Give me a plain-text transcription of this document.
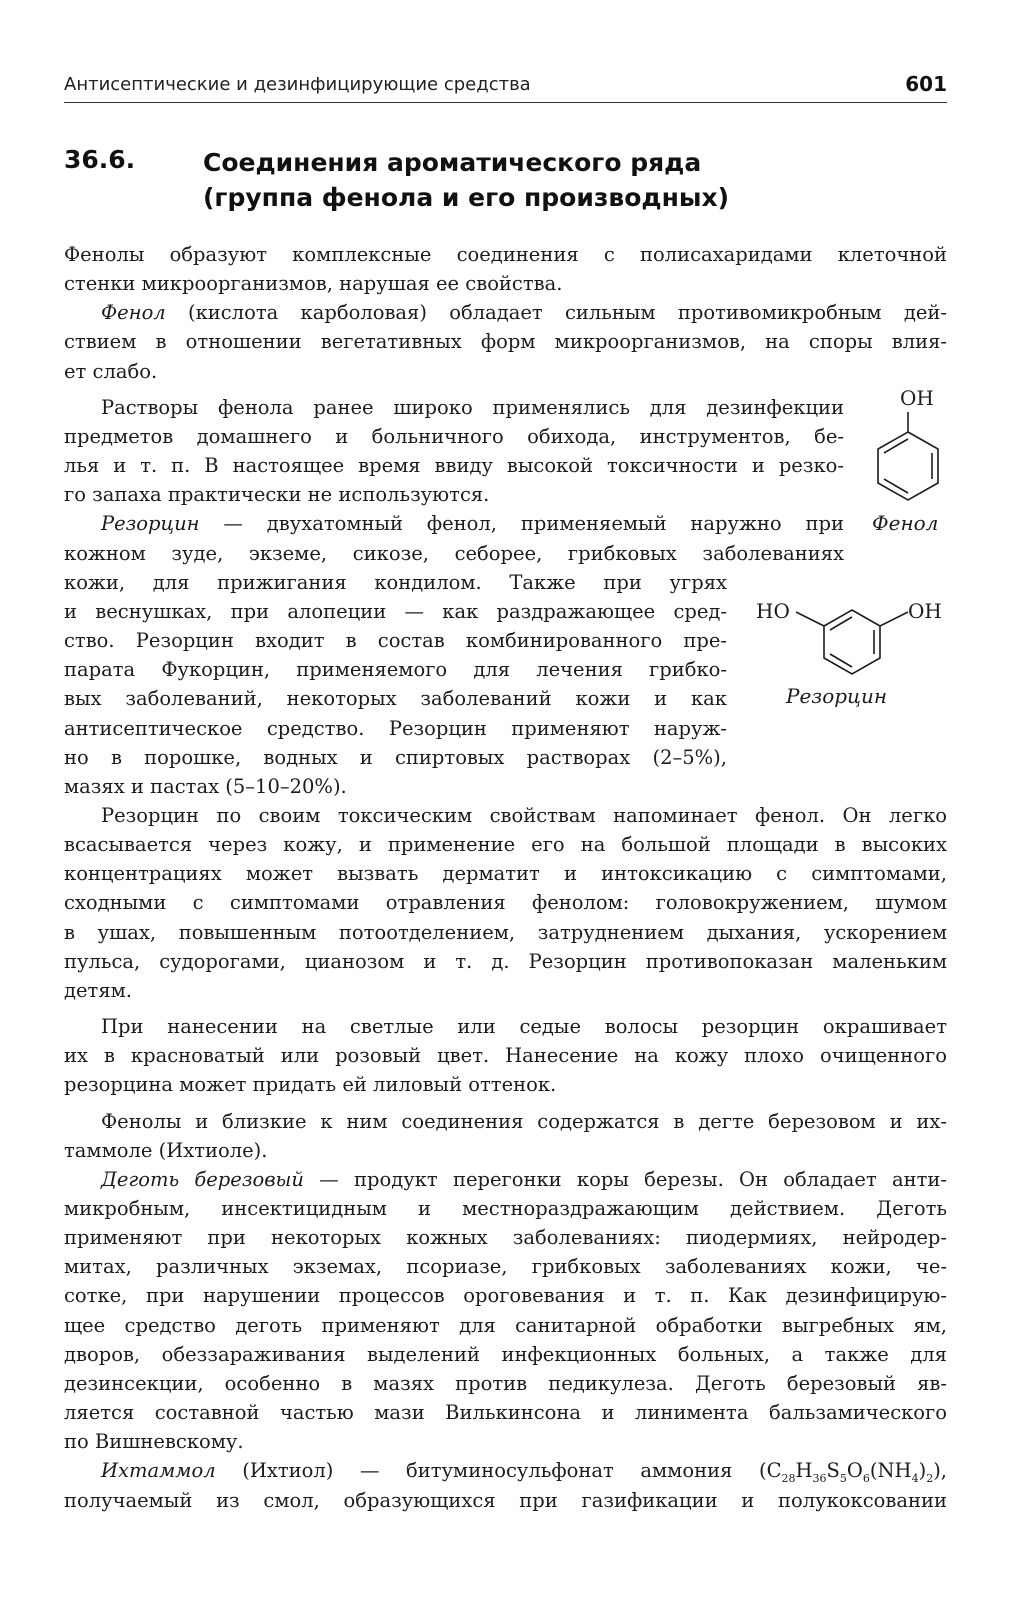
Антисептические и дезинфицирующие средства	601
36.6.	Соединения ароматического ряда
(группа фенола и его производных)
OH
Фенол
HO	OH
Резорцин
Фенолы образуют комплексные соединения с полисахаридами клеточной
стенки микроорганизмов, нарушая ее свойства.
Фенол (кислота карболовая) обладает сильным противомикробным дей-
ствием в отношении вегетативных форм микроорганизмов, на споры влия-
ет слабо.
Растворы фенола ранее широко применялись для дезинфекции
предметов домашнего и больничного обихода, инструментов, бе-
лья и т. п. В настоящее время ввиду высокой токсичности и резко-
го запаха практически не используются.
Резорцин — двухатомный фенол, применяемый наружно при
кожном зуде, экземе, сикозе, себорее, грибковых заболеваниях
кожи, для прижигания кондилом. Также при угрях
и веснушках, при алопеции — как раздражающее сред-
ство. Резорцин входит в состав комбинированного пре-
парата Фукорцин, применяемого для лечения грибко-
вых заболеваний, некоторых заболеваний кожи и как
антисептическое средство. Резорцин применяют наруж-
но в порошке, водных и спиртовых растворах (2–5%),
мазях и пастах (5–10–20%).
Резорцин по своим токсическим свойствам напоминает фенол. Он легко
всасывается через кожу, и применение его на большой площади в высоких
концентрациях может вызвать дерматит и интоксикацию с симптомами,
сходными с симптомами отравления фенолом: головокружением, шумом
в ушах, повышенным потоотделением, затруднением дыхания, ускорением
пульса, судорогами, цианозом и т. д. Резорцин противопоказан маленьким
детям.
При нанесении на светлые или седые волосы резорцин окрашивает
их в красноватый или розовый цвет. Нанесение на кожу плохо очищенного
резорцина может придать ей лиловый оттенок.
Фенолы и близкие к ним соединения содержатся в дегте березовом и их-
таммоле (Ихтиоле).
Деготь березовый — продукт перегонки коры березы. Он обладает анти-
микробным, инсектицидным и местнораздражающим действием. Деготь
применяют при некоторых кожных заболеваниях: пиодермиях, нейродер-
митах, различных экземах, псориазе, грибковых заболеваниях кожи, че-
сотке, при нарушении процессов ороговевания и т. п. Как дезинфицирую-
щее средство деготь применяют для санитарной обработки выгребных ям,
дворов, обеззараживания выделений инфекционных больных, а также для
дезинсекции, особенно в мазях против педикулеза. Деготь березовый яв-
ляется составной частью мази Вилькинсона и линимента бальзамического
по Вишневскому.
Ихтаммол (Ихтиол) — битуминосульфонат аммония $(C_{28}H_{36}S_5O_6(NH_4)_2)$,
получаемый из смол, образующихся при газификации и полукоксовании
